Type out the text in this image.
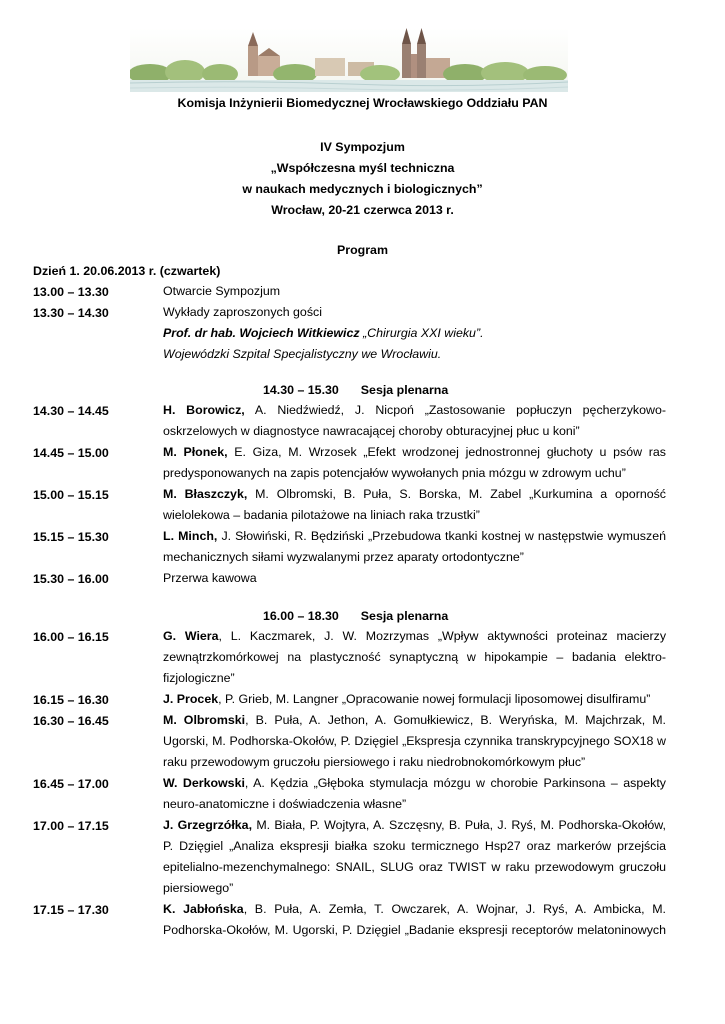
Komisja Inżynierii Biomedycznej Wrocławskiego Oddziału PAN
IV Sympozjum
„Współczesna myśl techniczna
w naukach medycznych i biologicznych”
Wrocław, 20-21 czerwca 2013 r.
Program
Dzień 1. 20.06.2013 r. (czwartek)
13.00 – 13.30	Otwarcie Sympozjum
13.30 – 14.30	Wykłady zaproszonych gości
Prof. dr hab. Wojciech Witkiewicz „Chirurgia XXI wieku”.
Wojewódzki Szpital Specjalistyczny we Wrocławiu.
14.30 – 15.30 Sesja plenarna
14.30 – 14.45	H. Borowicz, A. Niedźwiedź, J. Nicpoń „Zastosowanie popłuczyn pęcherzykowo-oskrzelowych w diagnostyce nawracającej choroby obturacyjnej płuc u koni”
14.45 – 15.00	M. Płonek, E. Giza, M. Wrzosek „Efekt wrodzonej jednostronnej głuchoty u psów ras predysponowanych na zapis potencjałów wywołanych pnia mózgu w zdrowym uchu”
15.00 – 15.15	M. Błaszczyk, M. Olbromski, B. Puła, S. Borska, M. Zabel „Kurkumina a oporność wielolekowa – badania pilotażowe na liniach raka trzustki”
15.15 – 15.30	L. Minch, J. Słowiński, R. Będziński „Przebudowa tkanki kostnej w następstwie wymuszeń mechanicznych siłami wyzwalanymi przez aparaty ortodontyczne”
15.30 – 16.00	Przerwa kawowa
16.00 – 18.30 Sesja plenarna
16.00 – 16.15	G. Wiera, L. Kaczmarek, J. W. Mozrzymas „Wpływ aktywności proteinaz macierzy zewnątrzkomórkowej na plastyczność synaptyczną w hipokampie – badania elektro-fizjologiczne”
16.15 – 16.30	J. Procek, P. Grieb, M. Langner „Opracowanie nowej formulacji liposomowej disulfiramu”
16.30 – 16.45	M. Olbromski, B. Puła, A. Jethon, A. Gomułkiewicz, B. Weryńska, M. Majchrzak, M. Ugorski, M. Podhorska-Okołów, P. Dzięgiel „Ekspresja czynnika transkrypcyjnego SOX18 w raku przewodowym gruczołu piersiowego i raku niedrobnokomórkowym płuc”
16.45 – 17.00	W. Derkowski, A. Kędzia „Głęboka stymulacja mózgu w chorobie Parkinsona – aspekty neuro-anatomiczne i doświadczenia własne”
17.00 – 17.15	J. Grzegrzółka, M. Biała, P. Wojtyra, A. Szczęsny, B. Puła, J. Ryś, M. Podhorska-Okołów, P. Dzięgiel „Analiza ekspresji białka szoku termicznego Hsp27 oraz markerów przejścia epitelialno-mezenchymalnego: SNAIL, SLUG oraz TWIST w raku przewodowym gruczołu piersiowego”
17.15 – 17.30	K. Jabłońska, B. Puła, A. Zemła, T. Owczarek, A. Wojnar, J. Ryś, A. Ambicka, M. Podhorska-Okołów, M. Ugorski, P. Dzięgiel „Badanie ekspresji receptorów melatoninowych
